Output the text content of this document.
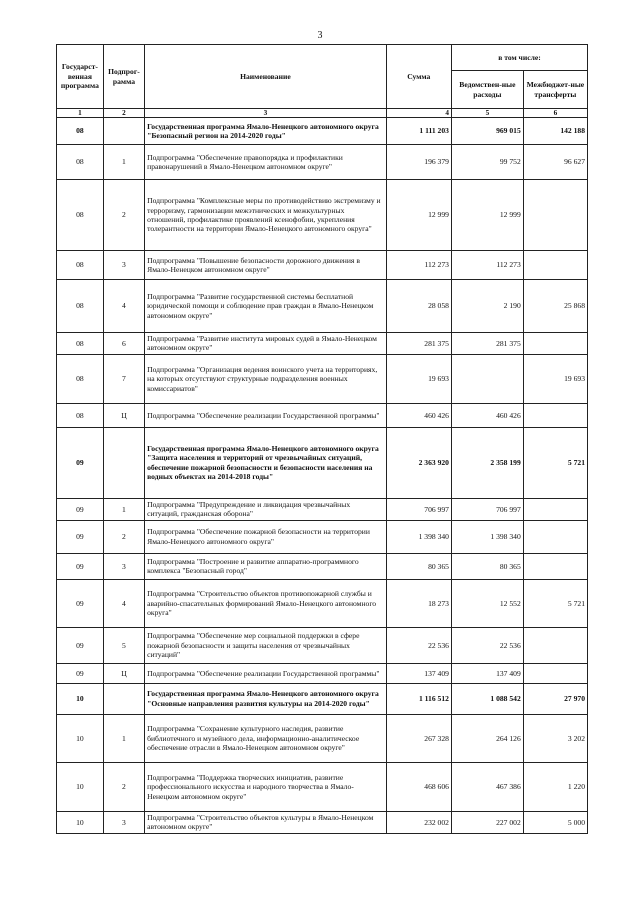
3
Государст-венная программа	Подпрог-рамма	Наименование	Сумма	в том числе:	
				Ведомствен-ные расходы	Межбюджет-ные трансферты
1	2	3	4	5	6
08		Государственная программа Ямало-Ненецкого автономного округа "Безопасный регион на 2014-2020 годы"	1 111 203	969 015	142 188
08	1	Подпрограмма "Обеспечение правопорядка и профилактики правонарушений в Ямало-Ненецком автономном округе"	196 379	99 752	96 627
08	2	Подпрограмма "Комплексные меры по противодействию экстремизму и терроризму, гармонизации межэтнических и межкультурных отношений, профилактике проявлений ксенофобии, укрепления толерантности на территории Ямало-Ненецкого автономного округа"	12 999	12 999	
08	3	Подпрограмма "Повышение безопасности дорожного движения в Ямало-Ненецком автономном округе"	112 273	112 273	
08	4	Подпрограмма "Развитие государственной системы бесплатной юридической помощи и соблюдение прав граждан в Ямало-Ненецком автономном округе"	28 058	2 190	25 868
08	6	Подпрограмма "Развитие института мировых судей в Ямало-Ненецком автономном округе"	281 375	281 375	
08	7	Подпрограмма "Организация ведения воинского учета на территориях, на которых отсутствуют структурные подразделения военных комиссариатов"	19 693		19 693
08	Ц	Подпрограмма "Обеспечение реализации Государственной программы"	460 426	460 426	
09		Государственная программа Ямало-Ненецкого автономного округа "Защита населения и территорий от чрезвычайных ситуаций, обеспечение пожарной безопасности и безопасности населения на водных объектах на 2014-2018 годы"	2 363 920	2 358 199	5 721
09	1	Подпрограмма "Предупреждение и ликвидация чрезвычайных ситуаций, гражданская оборона"	706 997	706 997	
09	2	Подпрограмма "Обеспечение пожарной безопасности на территории Ямало-Ненецкого автономного округа"	1 398 340	1 398 340	
09	3	Подпрограмма "Построение и развитие аппаратно-программного комплекса "Безопасный город"	80 365	80 365	
09	4	Подпрограмма "Строительство объектов противопожарной службы и аварийно-спасательных формирований Ямало-Ненецкого автономного округа"	18 273	12 552	5 721
09	5	Подпрограмма "Обеспечение мер социальной поддержки в сфере пожарной безопасности и защиты населения от чрезвычайных ситуаций"	22 536	22 536	
09	Ц	Подпрограмма "Обеспечение реализации Государственной программы"	137 409	137 409	
10		Государственная программа Ямало-Ненецкого автономного округа "Основные направления развития культуры на 2014-2020 годы"	1 116 512	1 088 542	27 970
10	1	Подпрограмма "Сохранение культурного наследия, развитие библиотечного и музейного дела, информационно-аналитическое обеспечение отрасли в Ямало-Ненецком автономном округе"	267 328	264 126	3 202
10	2	Подпрограмма "Поддержка творческих инициатив, развитие профессионального искусства и народного творчества в Ямало-Ненецком автономном округе"	468 606	467 386	1 220
10	3	Подпрограмма "Строительство объектов культуры в Ямало-Ненецком автономном округе"	232 002	227 002	5 000
